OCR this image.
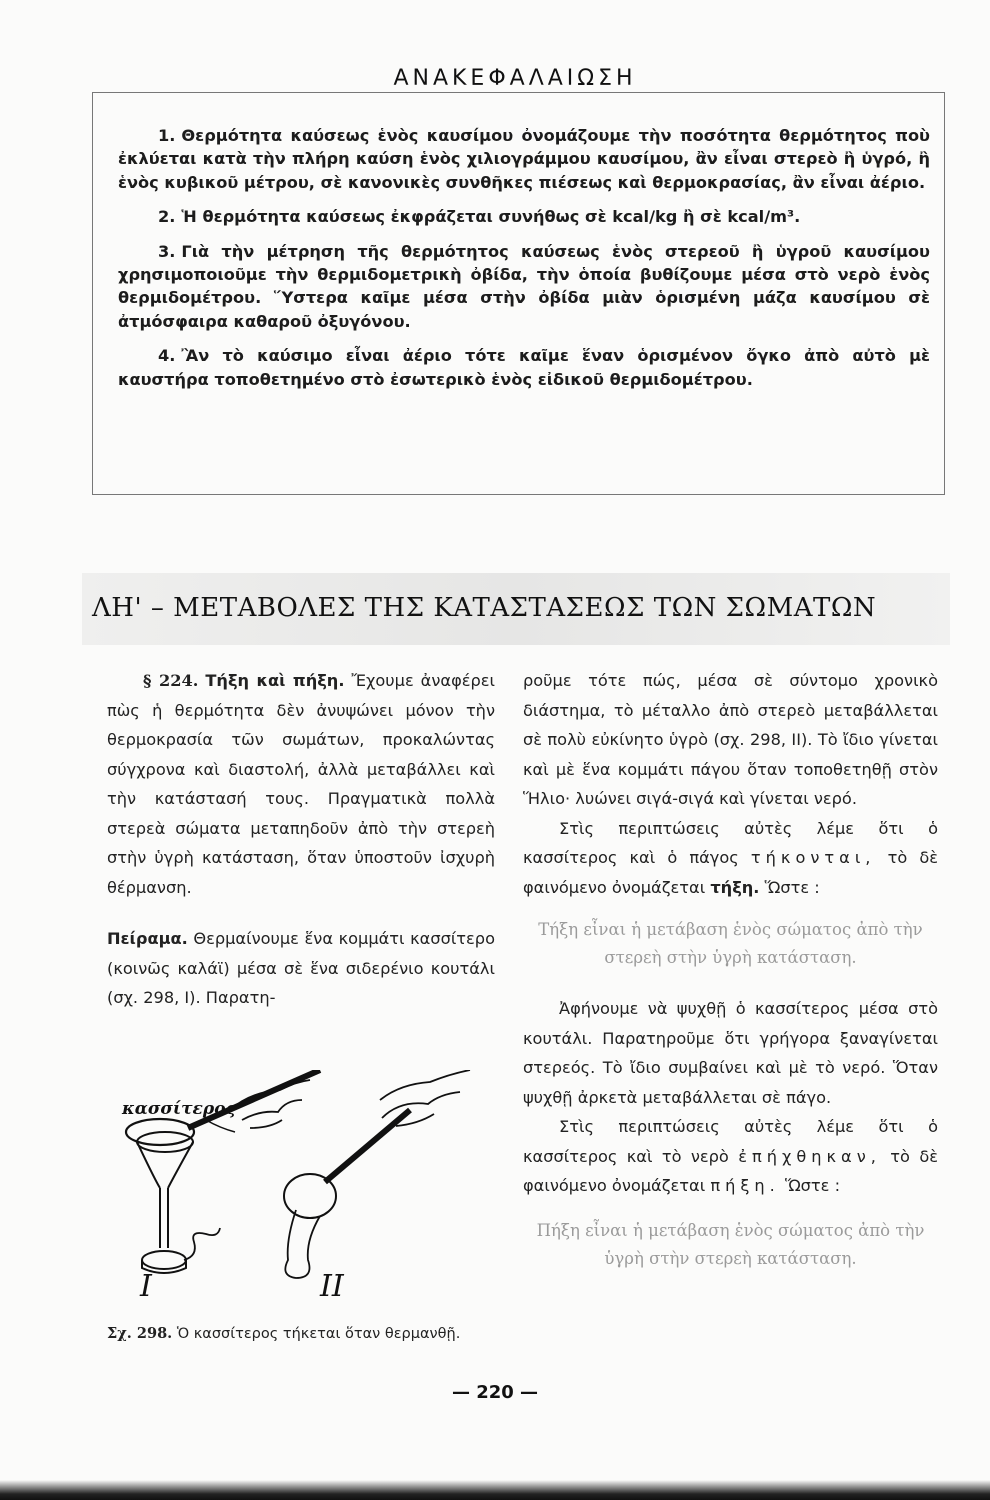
ΑΝΑΚΕΦΑΛΑΙΩΣΗ

1. Θερμότητα καύσεως ἑνὸς καυσίμου ὀνομάζουμε τὴν ποσότητα θερμότητος ποὺ ἐκλύεται κατὰ τὴν πλήρη καύση ἑνὸς χιλιογράμμου καυσίμου, ἂν εἶναι στερεὸ ἢ ὑγρό, ἢ ἑνὸς κυβικοῦ μέτρου, σὲ κανονικὲς συνθῆκες πιέσεως καὶ θερμοκρασίας, ἂν εἶναι ἀέριο.

2. Ἡ θερμότητα καύσεως ἐκφράζεται συνήθως σὲ kcal/kg ἢ σὲ kcal/m³.

3. Γιὰ τὴν μέτρηση τῆς θερμότητος καύσεως ἑνὸς στερεοῦ ἢ ὑγροῦ καυσίμου χρησιμοποιοῦμε τὴν θερμιδομετρικὴ ὀβίδα, τὴν ὁποία βυθίζουμε μέσα στὸ νερὸ ἑνὸς θερμιδομέτρου. Ὕστερα καῖμε μέσα στὴν ὀβίδα μιὰν ὁρισμένη μάζα καυσίμου σὲ ἀτμόσφαιρα καθαροῦ ὀξυγόνου.

4. Ἂν τὸ καύσιμο εἶναι ἀέριο τότε καῖμε ἕναν ὁρισμένον ὄγκο ἀπὸ αὐτὸ μὲ καυστήρα τοποθετημένο στὸ ἐσωτερικὸ ἑνὸς εἰδικοῦ θερμιδομέτρου.

ΛΗ' – ΜΕΤΑΒΟΛΕΣ ΤΗΣ ΚΑΤΑΣΤΑΣΕΩΣ ΤΩΝ ΣΩΜΑΤΩΝ

§ 224. Τήξη καὶ πήξη. Ἔχουμε ἀναφέρει πὼς ἡ θερμότητα δὲν ἀνυψώνει μόνον τὴν θερμοκρασία τῶν σωμάτων, προκαλώντας σύγχρονα καὶ διαστολή, ἀλλὰ μεταβάλλει καὶ τὴν κατάστασή τους. Πραγματικὰ πολλὰ στερεὰ σώματα μεταπηδοῦν ἀπὸ τὴν στερεὴ στὴν ὑγρὴ κατάσταση, ὅταν ὑποστοῦν ἰσχυρὴ θέρμανση.

Πείραμα. Θερμαίνουμε ἕνα κομμάτι κασσίτερο (κοινῶς καλάϊ) μέσα σὲ ἕνα σιδερένιο κουτάλι (σχ. 298, Ι). Παρατη-

κασσίτερος
I	II
Σχ. 298. Ὁ κασσίτερος τήκεται ὅταν θερμανθῇ.

ροῦμε τότε πώς, μέσα σὲ σύντομο χρονικὸ διάστημα, τὸ μέταλλο ἀπὸ στερεὸ μεταβάλλεται σὲ πολὺ εὐκίνητο ὑγρὸ (σχ. 298, ΙΙ). Τὸ ἴδιο γίνεται καὶ μὲ ἕνα κομμάτι πάγου ὅταν τοποθετηθῇ στὸν Ἥλιο· λυώνει σιγά-σιγά καὶ γίνεται νερό.

Στὶς περιπτώσεις αὐτὲς λέμε ὅτι ὁ κασσίτερος καὶ ὁ πάγος τήκονται, τὸ δὲ φαινόμενο ὀνομάζεται τήξη. Ὥστε :

Τήξη εἶναι ἡ μετάβαση ἑνὸς σώματος ἀπὸ τὴν στερεὴ στὴν ὑγρὴ κατάσταση.

Ἀφήνουμε νὰ ψυχθῇ ὁ κασσίτερος μέσα στὸ κουτάλι. Παρατηροῦμε ὅτι γρήγορα ξαναγίνεται στερεός. Τὸ ἴδιο συμβαίνει καὶ μὲ τὸ νερό. Ὅταν ψυχθῇ ἀρκετὰ μεταβάλλεται σὲ πάγο.

Στὶς περιπτώσεις αὐτὲς λέμε ὅτι ὁ κασσίτερος καὶ τὸ νερὸ ἐπήχθηκαν, τὸ δὲ φαινόμενο ὀνομάζεται πήξη. Ὥστε :

Πήξη εἶναι ἡ μετάβαση ἑνὸς σώματος ἀπὸ τὴν ὑγρὴ στὴν στερεὴ κατάσταση.

— 220 —
